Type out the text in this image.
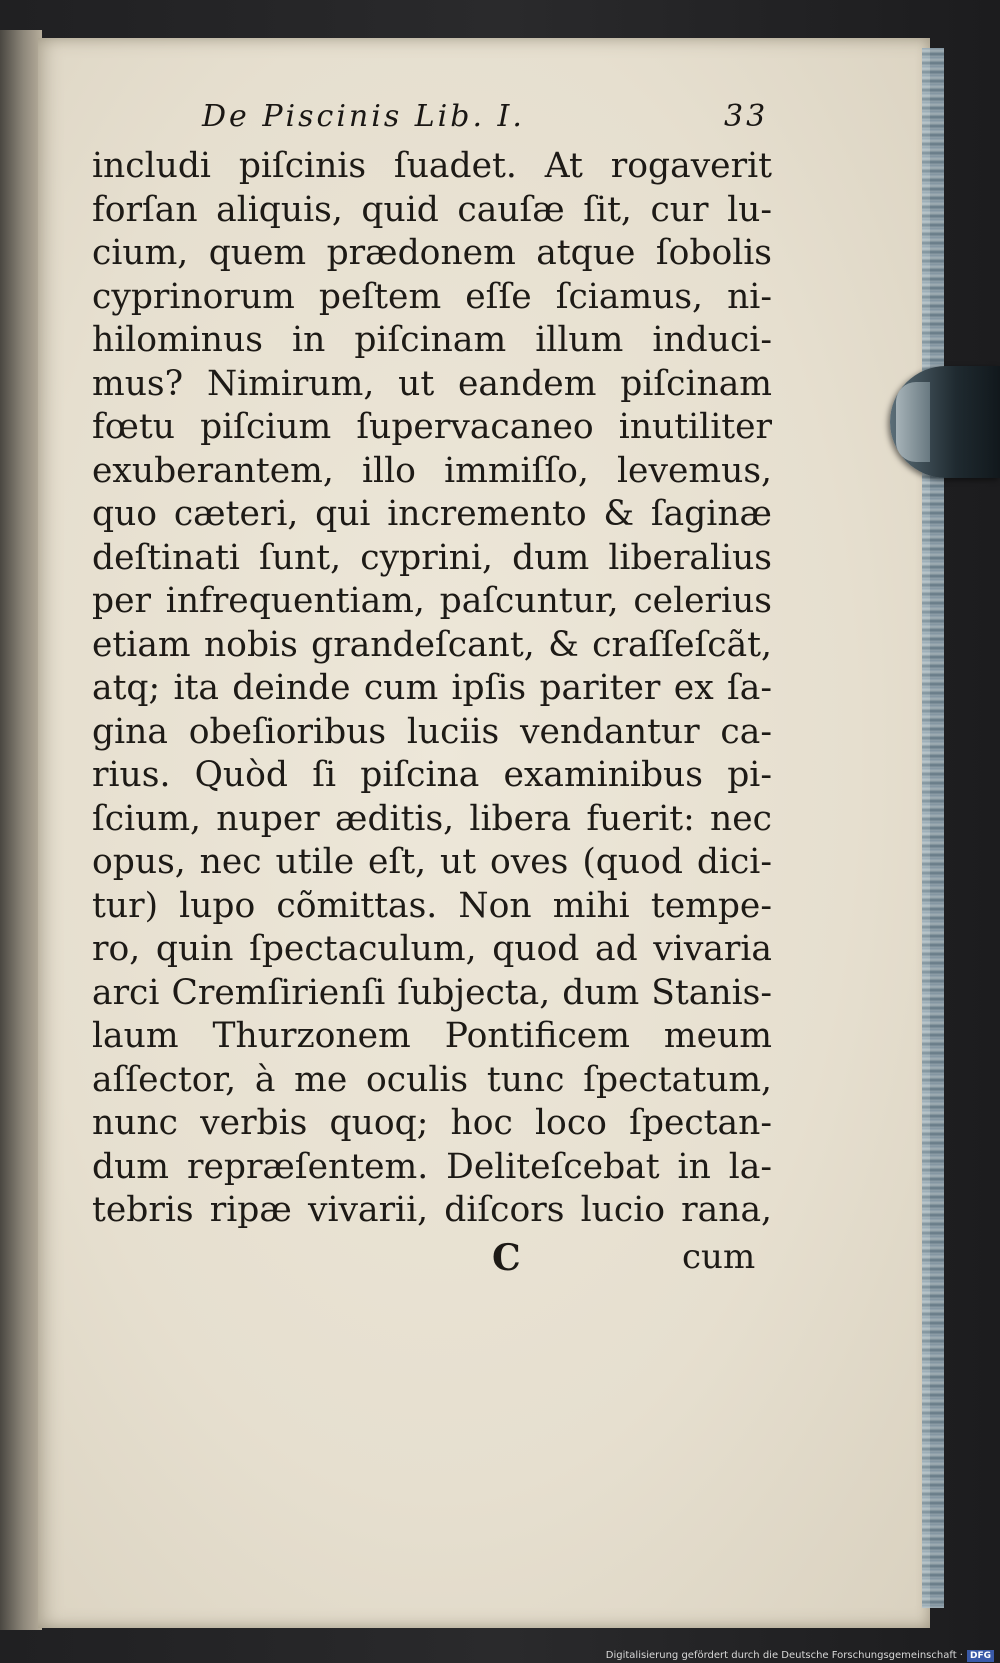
De Piscinis Lib. I.	33
includi piſcinis ſuadet. At rogaverit
forſan aliquis, quid cauſæ ſit, cur lu-
cium, quem prædonem atque ſobolis
cyprinorum peſtem eſſe ſciamus, ni-
hilominus in piſcinam illum induci-
mus? Nimirum, ut eandem piſcinam
fœtu piſcium ſupervacaneo inutiliter
exuberantem, illo immiſſo, levemus,
quo cæteri, qui incremento & ſaginæ
deſtinati ſunt, cyprini, dum liberalius
per infrequentiam, paſcuntur, celerius
etiam nobis grandeſcant, & craſſeſcãt,
atq; ita deinde cum ipſis pariter ex ſa-
gina obeſioribus luciis vendantur ca-
rius. Quòd ſi piſcina examinibus pi-
ſcium, nuper æditis, libera fuerit: nec
opus, nec utile eſt, ut oves (quod dici-
tur) lupo cõmittas. Non mihi tempe-
ro, quin ſpectaculum, quod ad vivaria
arci Cremſirienſi ſubjecta, dum Stanis-
laum Thurzonem Pontificem meum
aſſector, à me oculis tunc ſpectatum,
nunc verbis quoq; hoc loco ſpectan-
dum repræſentem. Deliteſcebat in la-
tebris ripæ vivarii, diſcors lucio rana,
C	cum
Digitalisierung gefördert durch die Deutsche Forschungsgemeinschaft · DFG
